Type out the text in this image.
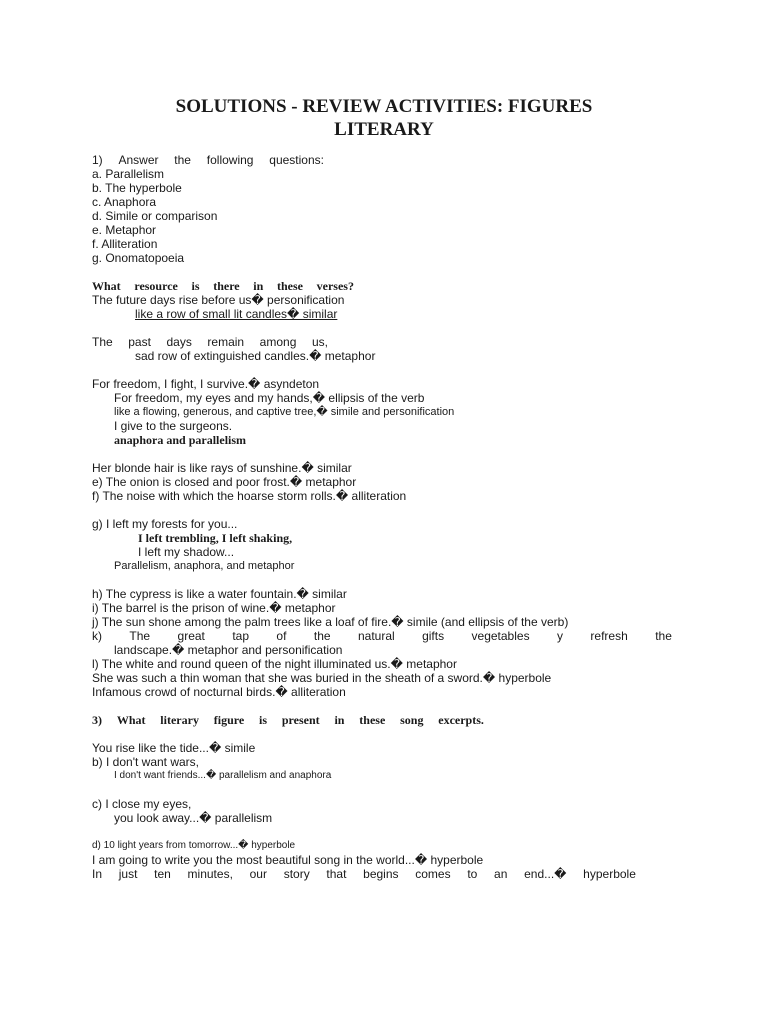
SOLUTIONS - REVIEW ACTIVITIES: FIGURES
LITERARY
1) Answer the following questions:
a. Parallelism
b. The hyperbole
c. Anaphora
d. Simile or comparison
e. Metaphor
f. Alliteration
g. Onomatopoeia
What resource is there in these verses?
The future days rise before us� personification
like a row of small lit candles� similar
The past days remain among us,
sad row of extinguished candles.� metaphor
For freedom, I fight, I survive.� asyndeton
For freedom, my eyes and my hands,� ellipsis of the verb
like a flowing, generous, and captive tree,� simile and personification
I give to the surgeons.
anaphora and parallelism
Her blonde hair is like rays of sunshine.� similar
e) The onion is closed and poor frost.� metaphor
f) The noise with which the hoarse storm rolls.� alliteration
g) I left my forests for you...
I left trembling, I left shaking,
I left my shadow...
Parallelism, anaphora, and metaphor
h) The cypress is like a water fountain.� similar
i) The barrel is the prison of wine.� metaphor
j) The sun shone among the palm trees like a loaf of fire.� simile (and ellipsis of the verb)
k) The great tap of the natural gifts vegetables y refresh the
landscape.� metaphor and personification
l) The white and round queen of the night illuminated us.� metaphor
She was such a thin woman that she was buried in the sheath of a sword.� hyperbole
Infamous crowd of nocturnal birds.� alliteration
3) What literary figure is present in these song excerpts.
You rise like the tide...� simile
b) I don't want wars,
I don't want friends...� parallelism and anaphora
c) I close my eyes,
you look away...� parallelism
d) 10 light years from tomorrow...� hyperbole
I am going to write you the most beautiful song in the world...� hyperbole
In just ten minutes, our story that begins comes to an end...� hyperbole
